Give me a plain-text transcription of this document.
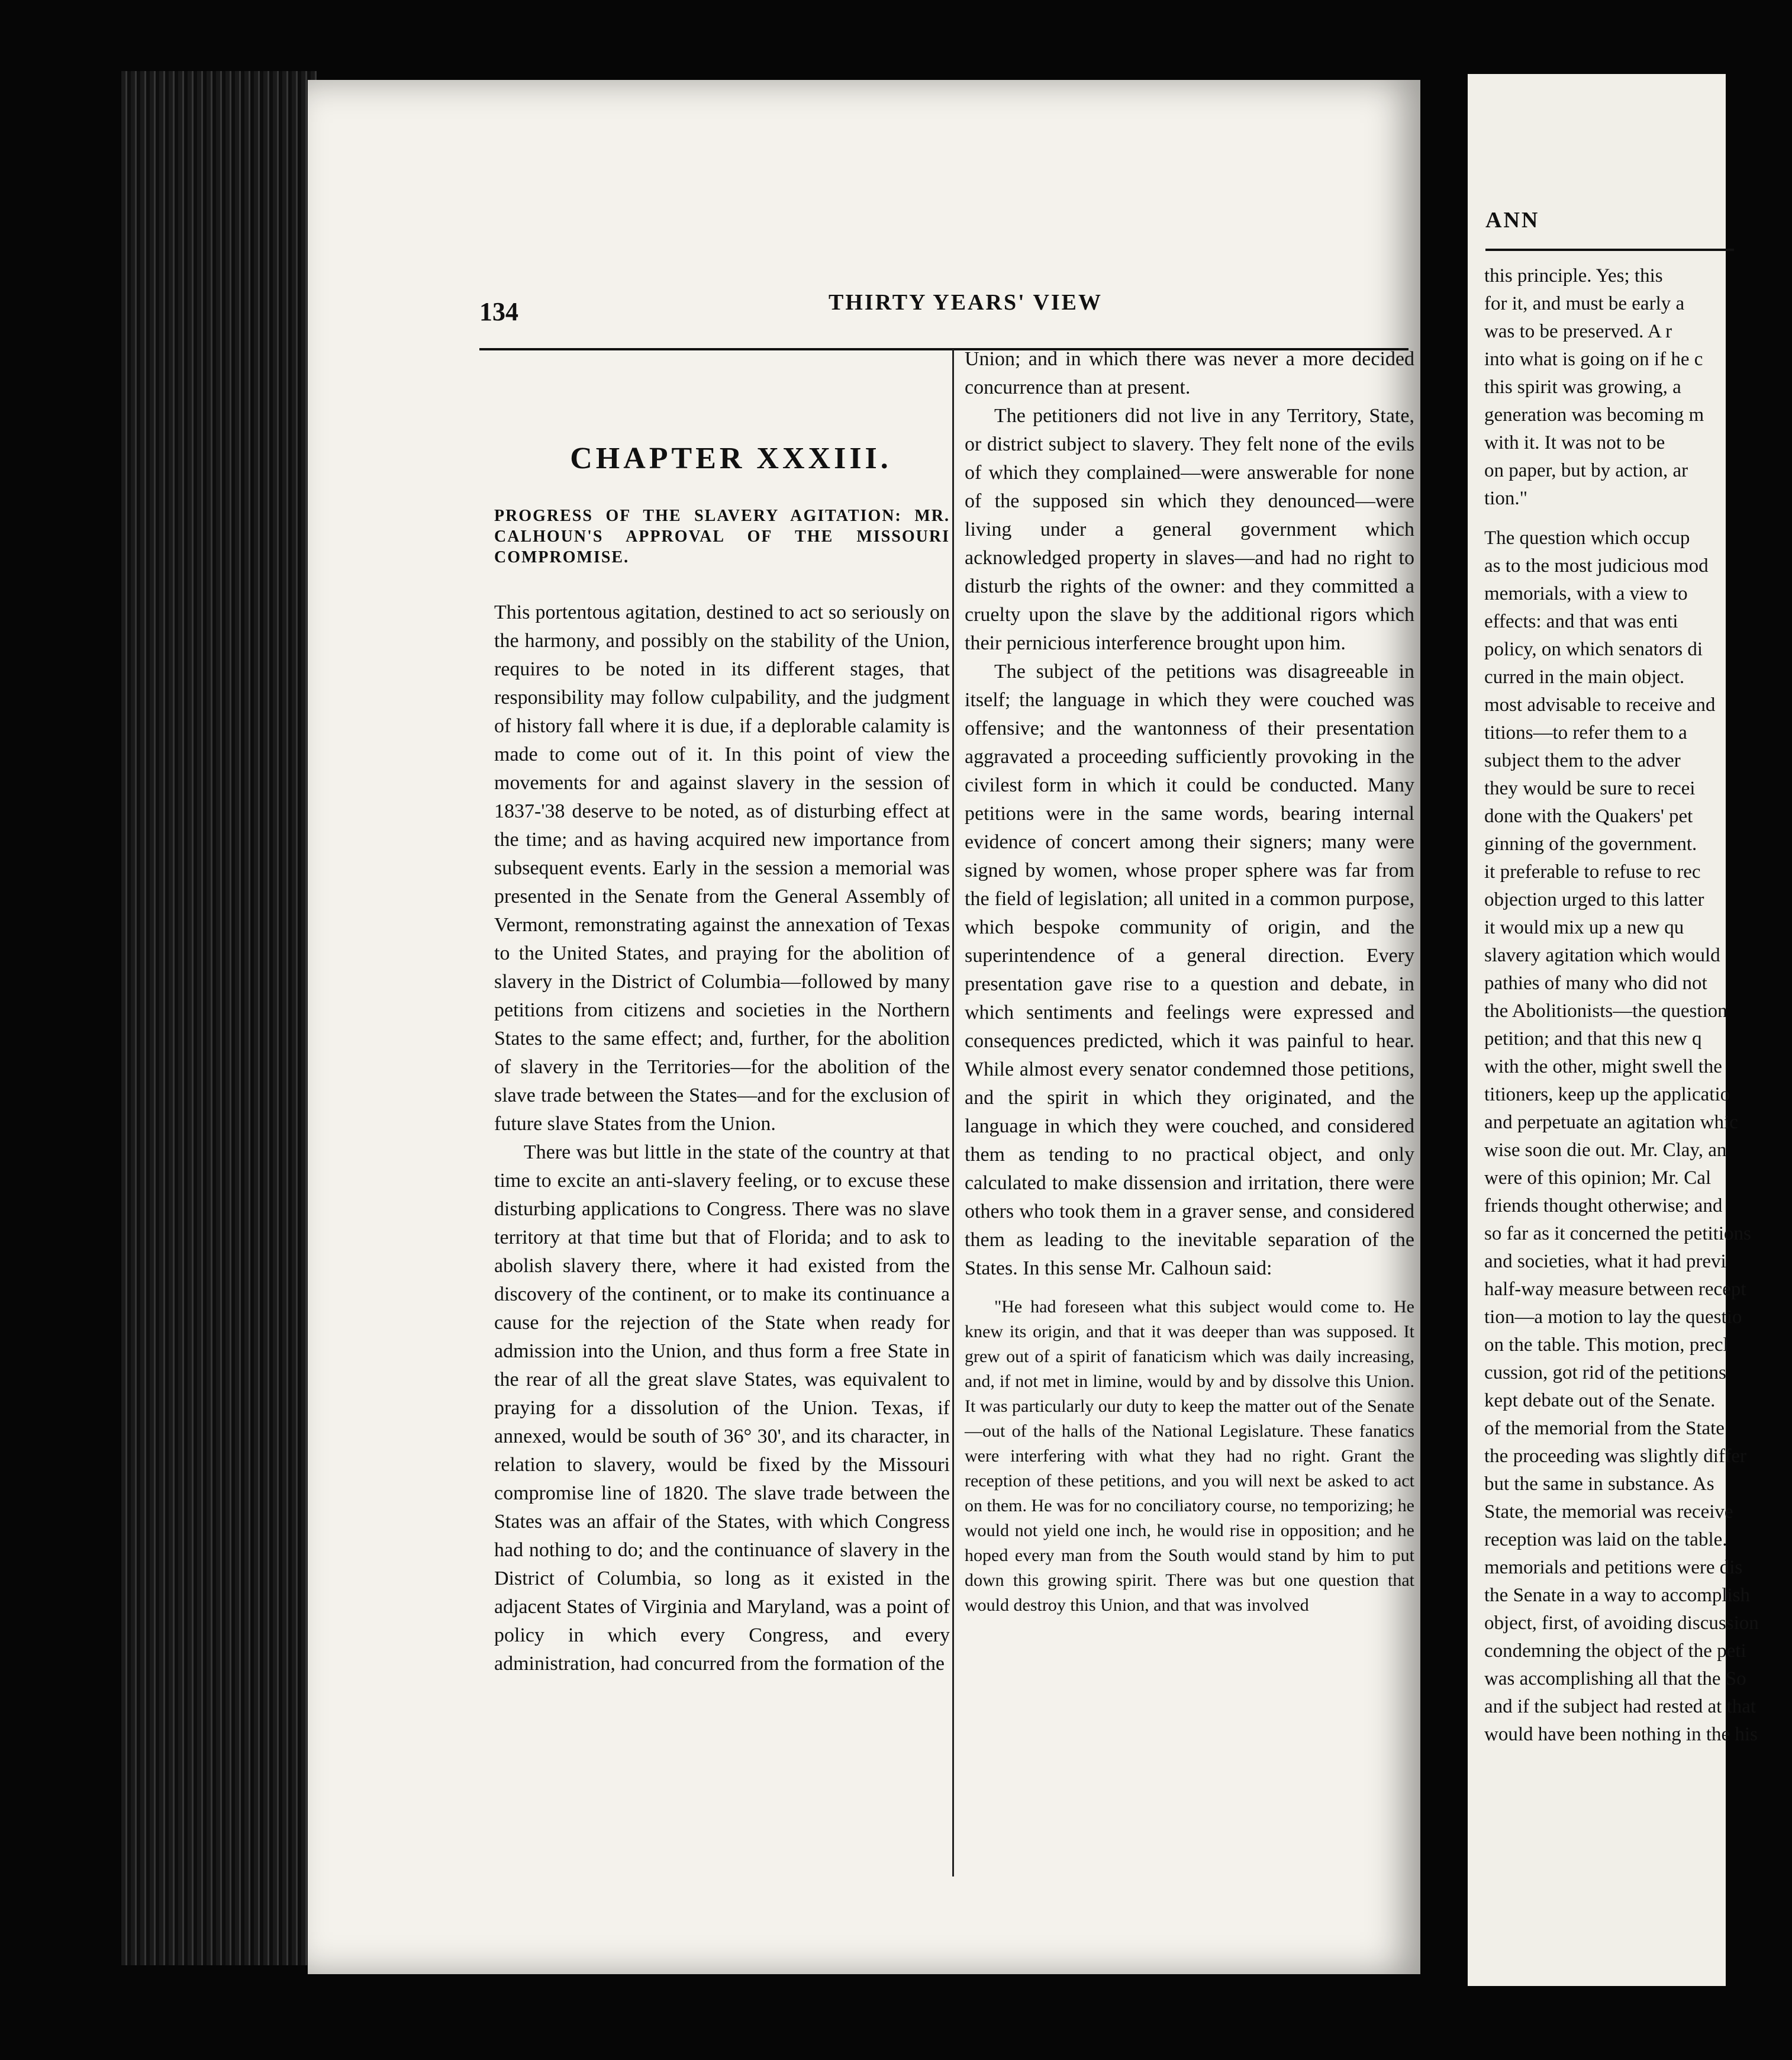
134	THIRTY YEARS' VIEW
CHAPTER XXXIII.
PROGRESS OF THE SLAVERY AGITATION: MR. CALHOUN'S APPROVAL OF THE MISSOURI COMPROMISE.

This portentous agitation, destined to act so seriously on the harmony, and possibly on the stability of the Union, requires to be noted in its different stages, that responsibility may follow culpability, and the judgment of history fall where it is due, if a deplorable calamity is made to come out of it. In this point of view the movements for and against slavery in the session of 1837-'38 deserve to be noted, as of disturbing effect at the time; and as having acquired new importance from subsequent events. Early in the session a memorial was presented in the Senate from the General Assembly of Vermont, remonstrating against the annexation of Texas to the United States, and praying for the abolition of slavery in the District of Columbia—followed by many petitions from citizens and societies in the Northern States to the same effect; and, further, for the abolition of slavery in the Territories—for the abolition of the slave trade between the States—and for the exclusion of future slave States from the Union.

There was but little in the state of the country at that time to excite an anti-slavery feeling, or to excuse these disturbing applications to Congress. There was no slave territory at that time but that of Florida; and to ask to abolish slavery there, where it had existed from the discovery of the continent, or to make its continuance a cause for the rejection of the State when ready for admission into the Union, and thus form a free State in the rear of all the great slave States, was equivalent to praying for a dissolution of the Union. Texas, if annexed, would be south of 36° 30', and its character, in relation to slavery, would be fixed by the Missouri compromise line of 1820. The slave trade between the States was an affair of the States, with which Congress had nothing to do; and the continuance of slavery in the District of Columbia, so long as it existed in the adjacent States of Virginia and Maryland, was a point of policy in which every Congress, and every administration, had concurred from the formation of the

Union; and in which there was never a more decided concurrence than at present.

The petitioners did not live in any Territory, State, or district subject to slavery. They felt none of the evils of which they complained—were answerable for none of the supposed sin which they denounced—were living under a general government which acknowledged property in slaves—and had no right to disturb the rights of the owner: and they committed a cruelty upon the slave by the additional rigors which their pernicious interference brought upon him.

The subject of the petitions was disagreeable in itself; the language in which they were couched was offensive; and the wantonness of their presentation aggravated a proceeding sufficiently provoking in the civilest form in which it could be conducted. Many petitions were in the same words, bearing internal evidence of concert among their signers; many were signed by women, whose proper sphere was far from the field of legislation; all united in a common purpose, which bespoke community of origin, and the superintendence of a general direction. Every presentation gave rise to a question and debate, in which sentiments and feelings were expressed and consequences predicted, which it was painful to hear. While almost every senator condemned those petitions, and the spirit in which they originated, and the language in which they were couched, and considered them as tending to no practical object, and only calculated to make dissension and irritation, there were others who took them in a graver sense, and considered them as leading to the inevitable separation of the States. In this sense Mr. Calhoun said:

"He had foreseen what this subject would come to. He knew its origin, and that it was deeper than was supposed. It grew out of a spirit of fanaticism which was daily increasing, and, if not met in limine, would by and by dissolve this Union. It was particularly our duty to keep the matter out of the Senate—out of the halls of the National Legislature. These fanatics were interfering with what they had no right. Grant the reception of these petitions, and you will next be asked to act on them. He was for no conciliatory course, no temporizing; he would not yield one inch, he would rise in opposition; and he hoped every man from the South would stand by him to put down this growing spirit. There was but one question that would destroy this Union, and that was involved

ANN

this principle. Yes; this

for it, and must be early a

was to be preserved. A r

into what is going on if he c

this spirit was growing, a

generation was becoming m

with it. It was not to be

on paper, but by action, ar

tion."

The question which occup

as to the most judicious mod

memorials, with a view to

effects: and that was enti

policy, on which senators di

curred in the main object.

most advisable to receive and

titions—to refer them to a

subject them to the adver

they would be sure to recei

done with the Quakers' pet

ginning of the government.

it preferable to refuse to rec

objection urged to this latter

it would mix up a new qu

slavery agitation which would

pathies of many who did not

the Abolitionists—the question

petition; and that this new q

with the other, might swell the

titioners, keep up the applicatio

and perpetuate an agitation whic

wise soon die out. Mr. Clay, an

were of this opinion; Mr. Cal

friends thought otherwise; and

so far as it concerned the petitions

and societies, what it had previ

half-way measure between recept

tion—a motion to lay the questio

on the table. This motion, precl

cussion, got rid of the petitions

kept debate out of the Senate.

of the memorial from the State

the proceeding was slightly differ

but the same in substance. As

State, the memorial was receive

reception was laid on the table.

memorials and petitions were dis

the Senate in a way to accomplish

object, first, of avoiding discussion

condemning the object of the peti

was accomplishing all that the So

and if the subject had rested at that

would have been nothing in the his
